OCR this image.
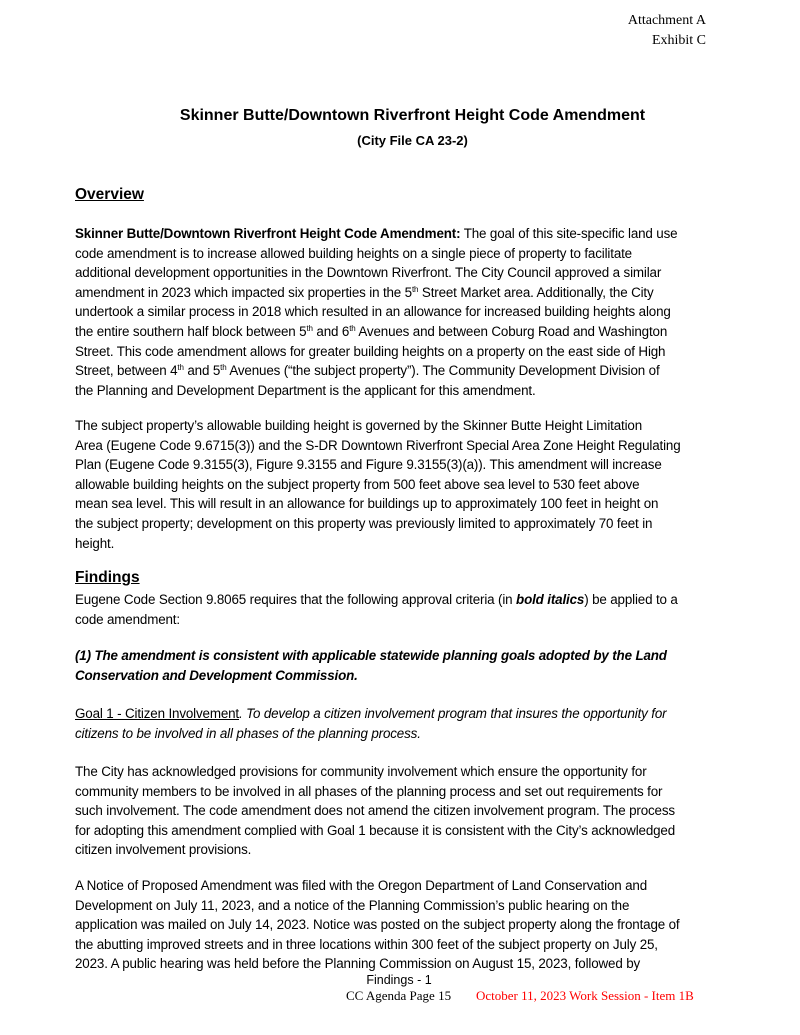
Attachment A
Exhibit C
Skinner Butte/Downtown Riverfront Height Code Amendment
(City File CA 23-2)
Overview
Skinner Butte/Downtown Riverfront Height Code Amendment: The goal of this site-specific land use
code amendment is to increase allowed building heights on a single piece of property to facilitate
additional development opportunities in the Downtown Riverfront. The City Council approved a similar
amendment in 2023 which impacted six properties in the 5th Street Market area. Additionally, the City
undertook a similar process in 2018 which resulted in an allowance for increased building heights along
the entire southern half block between 5th and 6th Avenues and between Coburg Road and Washington
Street. This code amendment allows for greater building heights on a property on the east side of High
Street, between 4th and 5th Avenues (“the subject property”). The Community Development Division of
the Planning and Development Department is the applicant for this amendment.
The subject property’s allowable building height is governed by the Skinner Butte Height Limitation
Area (Eugene Code 9.6715(3)) and the S-DR Downtown Riverfront Special Area Zone Height Regulating
Plan (Eugene Code 9.3155(3), Figure 9.3155 and Figure 9.3155(3)(a)). This amendment will increase
allowable building heights on the subject property from 500 feet above sea level to 530 feet above
mean sea level. This will result in an allowance for buildings up to approximately 100 feet in height on
the subject property; development on this property was previously limited to approximately 70 feet in
height.
Findings
Eugene Code Section 9.8065 requires that the following approval criteria (in bold italics) be applied to a
code amendment:
(1) The amendment is consistent with applicable statewide planning goals adopted by the Land
Conservation and Development Commission.
Goal 1 - Citizen Involvement. To develop a citizen involvement program that insures the opportunity for
citizens to be involved in all phases of the planning process.
The City has acknowledged provisions for community involvement which ensure the opportunity for
community members to be involved in all phases of the planning process and set out requirements for
such involvement. The code amendment does not amend the citizen involvement program. The process
for adopting this amendment complied with Goal 1 because it is consistent with the City’s acknowledged
citizen involvement provisions.
A Notice of Proposed Amendment was filed with the Oregon Department of Land Conservation and
Development on July 11, 2023, and a notice of the Planning Commission’s public hearing on the
application was mailed on July 14, 2023. Notice was posted on the subject property along the frontage of
the abutting improved streets and in three locations within 300 feet of the subject property on July 25,
2023. A public hearing was held before the Planning Commission on August 15, 2023, followed by
Findings - 1
CC Agenda Page 15 October 11, 2023 Work Session - Item 1B
